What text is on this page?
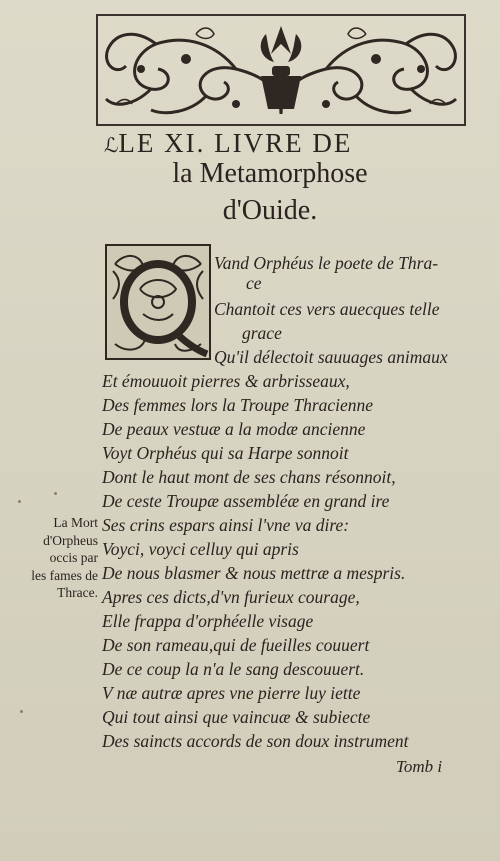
ℒLE XI. LIVRE DE
la Metamorphose
d'Ouide.
Vand Orphéus le poete de Thra-
ce
Chantoit ces vers auecques telle
grace
Qu'il délectoit sauuages animaux
Et émouuoit pierres & arbrisseaux,
Des femmes lors la Troupe Thracienne
De peaux vestuæ a la modæ ancienne
Voyt Orphéus qui sa Harpe sonnoit
Dont le haut mont de ses chans résonnoit,
De ceste Troupæ assembléæ en grand ire
Ses crins espars ainsi l'vne va dire:
Voyci, voyci celluy qui apris
De nous blasmer & nous mettræ a mespris.
Apres ces dicts,d'vn furieux courage,
Elle frappa d'orphéelle visage
De son rameau,qui de fueilles couuert
De ce coup la n'a le sang descouuert.
V næ autræ apres vne pierre luy iette
Qui tout ainsi que vaincuæ & subiecte
Des saincts accords de son doux instrument
La Mort
d'Orpheus
occis par
les fames de
Thrace.
Tomb i
